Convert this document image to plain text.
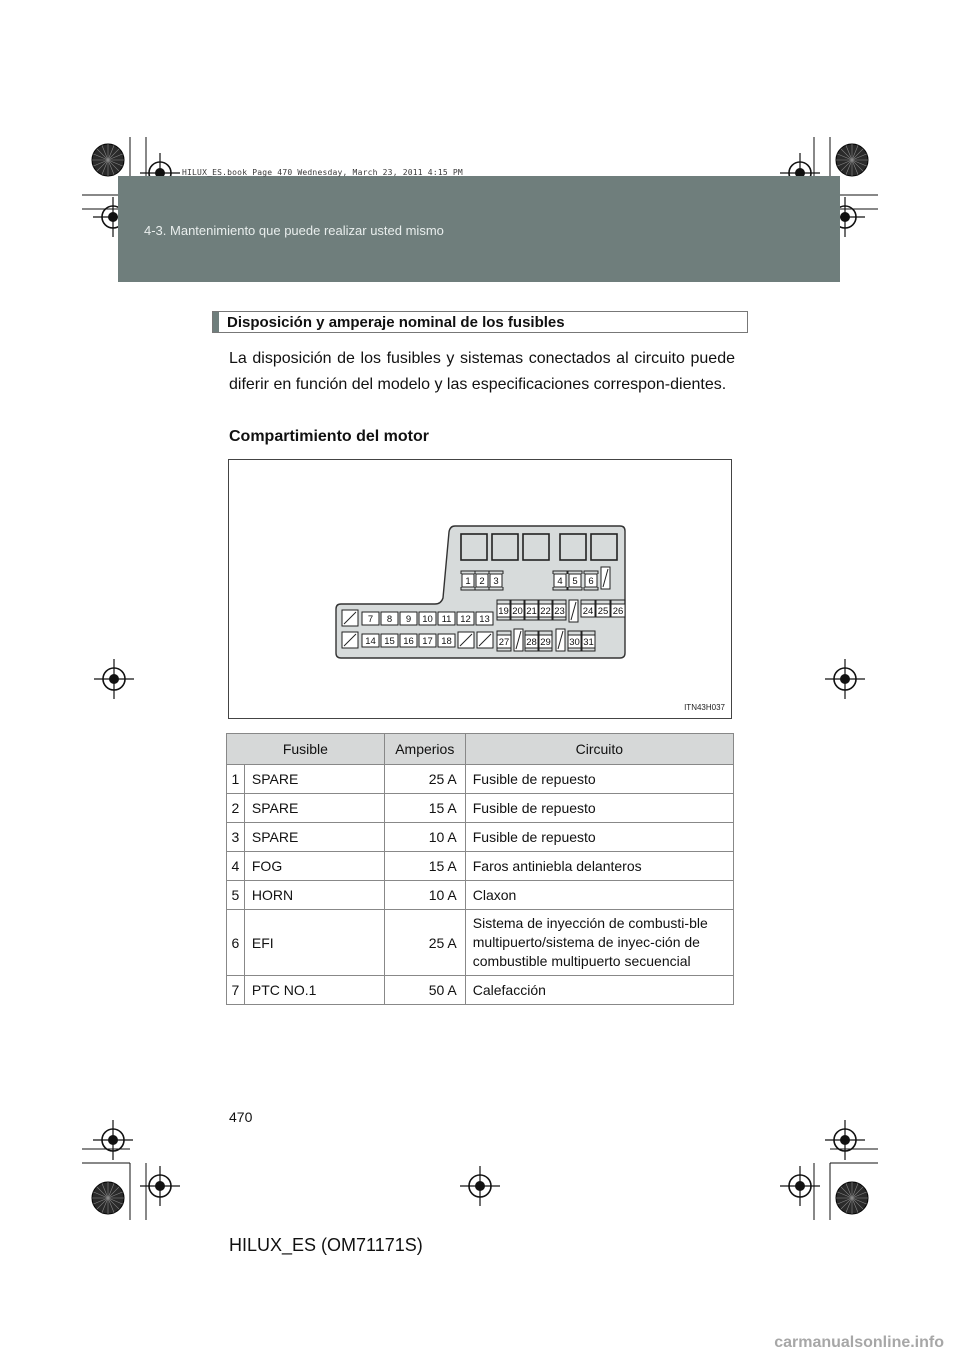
4-3. Mantenimiento que puede realizar usted mismo
HILUX_ES.book Page 470 Wednesday, March 23, 2011 4:15 PM
Disposición y amperaje nominal de los fusibles
La disposición de los fusibles y sistemas conectados al circuito puede diferir en función del modelo y las especificaciones correspon-dientes.
Compartimiento del motor
1 2 3	4 5 6
7 8 9 10 11 12 13
19 20 21 22 23 24 25 26
14 15 16 17 18	27 28 29 30 31
ITN43H037
Fusible		Amperios	Circuito
1	SPARE	25 A	Fusible de repuesto
2	SPARE	15 A	Fusible de repuesto
3	SPARE	10 A	Fusible de repuesto
4	FOG	15 A	Faros antiniebla delanteros
5	HORN	10 A	Claxon
6	EFI	25 A	Sistema de inyección de combusti-ble multipuerto/sistema de inyec-ción de combustible multipuerto secuencial
7	PTC NO.1	50 A	Calefacción
470
HILUX_ES (OM71171S)
carmanualsonline.info
